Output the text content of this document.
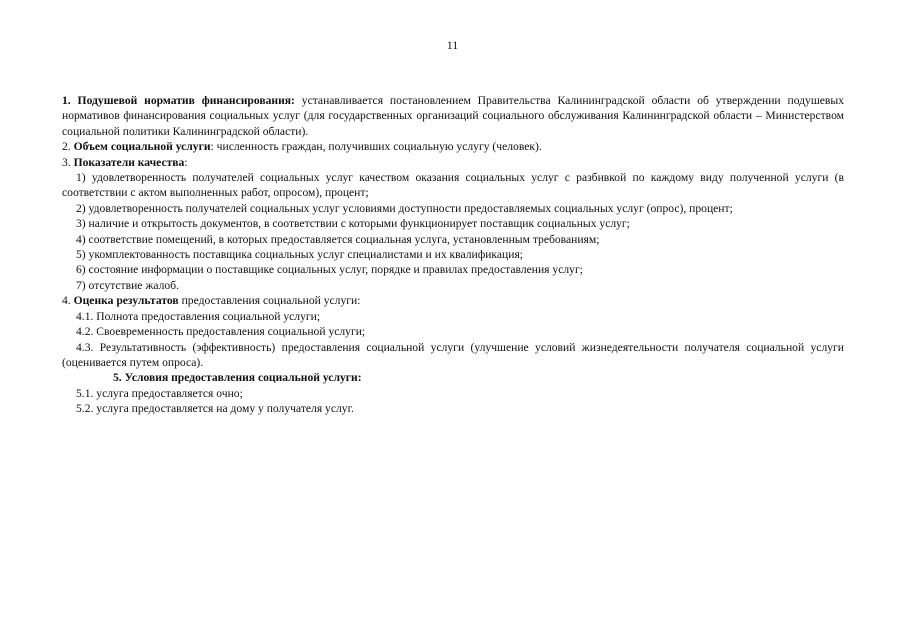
11

1. Подушевой норматив финансирования: устанавливается постановлением Правительства Калининградской области об утверждении подушевых нормативов финансирования социальных услуг (для государственных организаций социального обслуживания Калининградской области – Министерством социальной политики Калининградской области).

2. Объем социальной услуги: численность граждан, получивших социальную услугу (человек).

3. Показатели качества:

1) удовлетворенность получателей социальных услуг качеством оказания социальных услуг с разбивкой по каждому виду полученной услуги (в соответствии с актом выполненных работ, опросом), процент;

2) удовлетворенность получателей социальных услуг условиями доступности предоставляемых социальных услуг (опрос), процент;

3) наличие и открытость документов, в соответствии с которыми функционирует поставщик социальных услуг;

4) соответствие помещений, в которых предоставляется социальная услуга, установленным требованиям;

5) укомплектованность поставщика социальных услуг специалистами и их квалификация;

6) состояние информации о поставщике социальных услуг, порядке и правилах предоставления услуг;

7) отсутствие жалоб.

4. Оценка результатов предоставления социальной услуги:

4.1. Полнота предоставления социальной услуги;

4.2. Своевременность предоставления социальной услуги;

4.3. Результативность (эффективность) предоставления социальной услуги (улучшение условий жизнедеятельности получателя социальной услуги (оценивается путем опроса).

5. Условия предоставления социальной услуги:

5.1. услуга предоставляется очно;

5.2. услуга предоставляется на дому у получателя услуг.
